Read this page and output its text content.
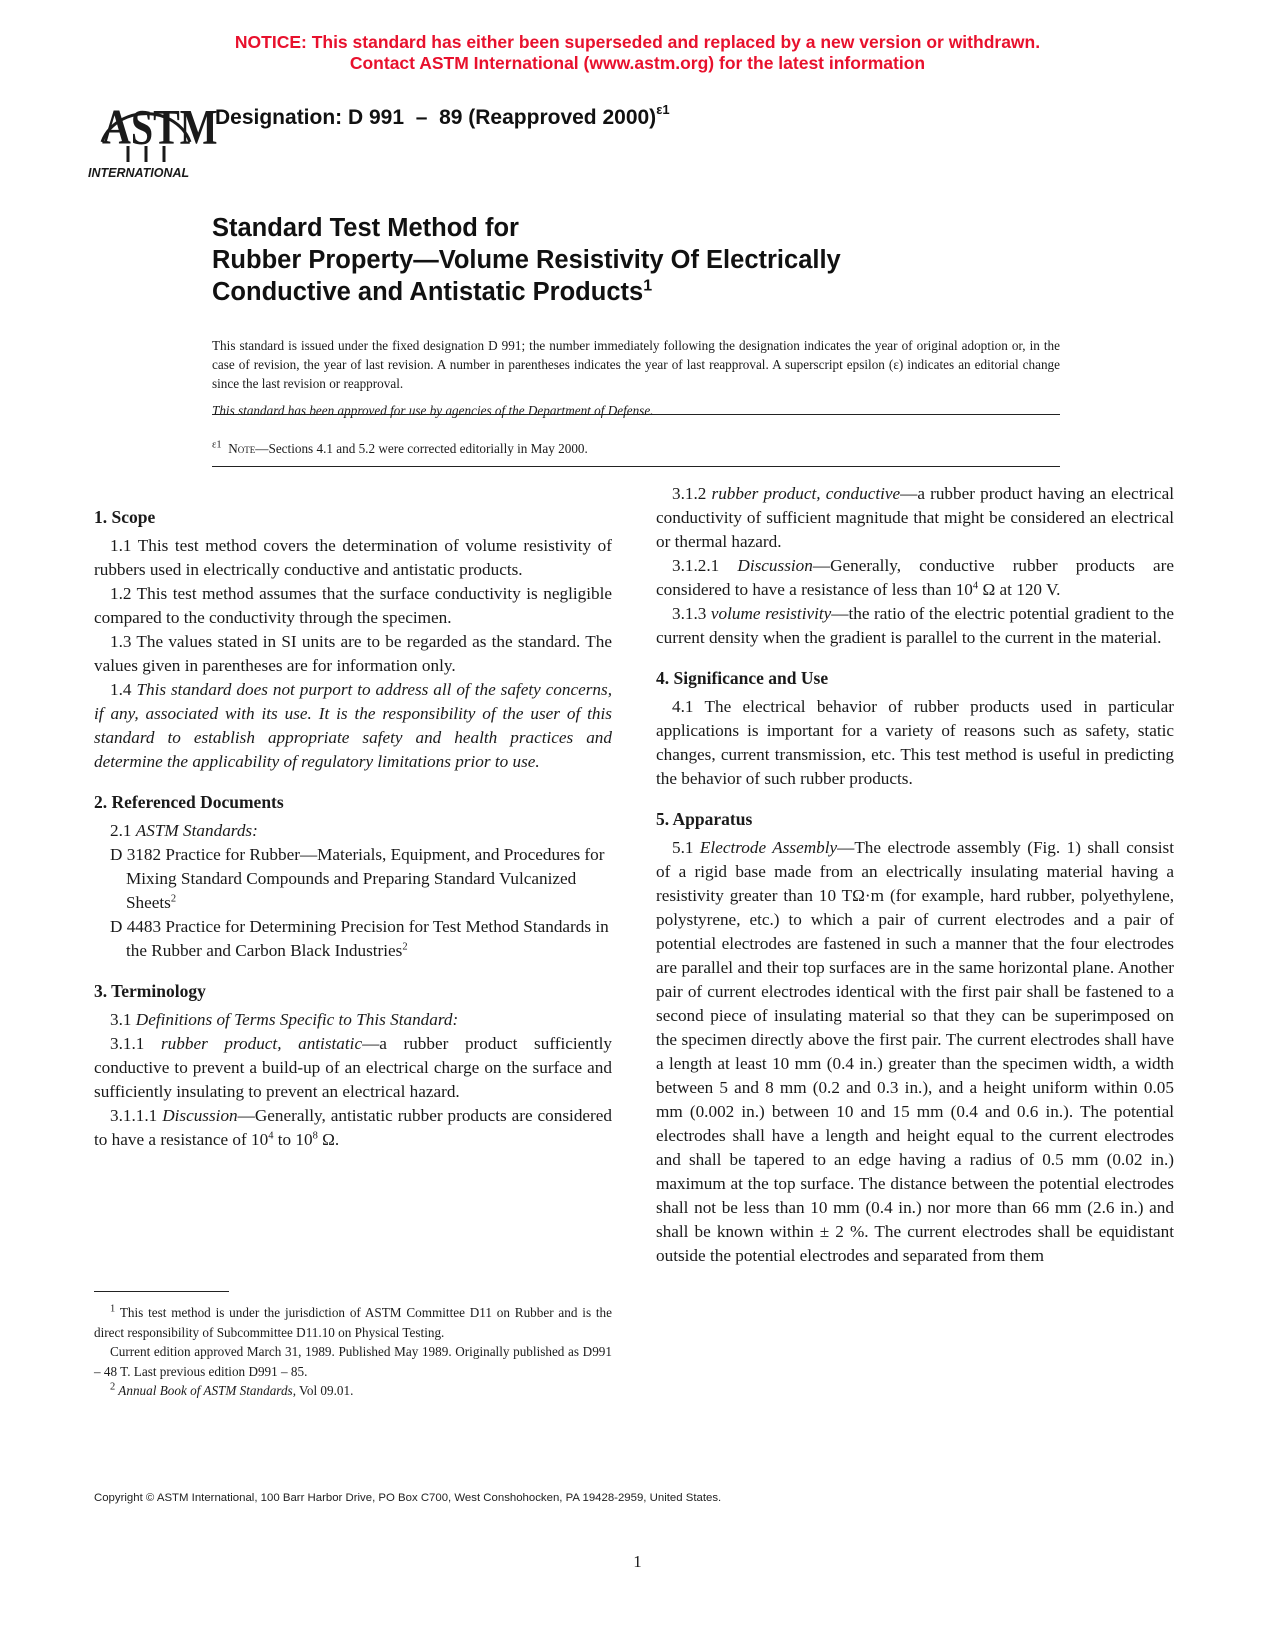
NOTICE: This standard has either been superseded and replaced by a new version or withdrawn.
Contact ASTM International (www.astm.org) for the latest information
ASTM
INTERNATIONAL
Designation: D 991 – 89 (Reapproved 2000)$^{\varepsilon 1}$
Standard Test Method for
Rubber Property—Volume Resistivity Of Electrically
Conductive and Antistatic Products$^1$

This standard is issued under the fixed designation D 991; the number immediately following the designation indicates the year of original adoption or, in the case of revision, the year of last revision. A number in parentheses indicates the year of last reapproval. A superscript epsilon (ε) indicates an editorial change since the last revision or reapproval.

This standard has been approved for use by agencies of the Department of Defense.

$^{\varepsilon 1}$ Note—Sections 4.1 and 5.2 were corrected editorially in May 2000.
1. Scope

1.1 This test method covers the determination of volume resistivity of rubbers used in electrically conductive and antistatic products.

1.2 This test method assumes that the surface conductivity is negligible compared to the conductivity through the specimen.

1.3 The values stated in SI units are to be regarded as the standard. The values given in parentheses are for information only.

1.4 This standard does not purport to address all of the safety concerns, if any, associated with its use. It is the responsibility of the user of this standard to establish appropriate safety and health practices and determine the applicability of regulatory limitations prior to use.

2. Referenced Documents

2.1 ASTM Standards:

D 3182 Practice for Rubber—Materials, Equipment, and Procedures for Mixing Standard Compounds and Preparing Standard Vulcanized Sheets$^2$

D 4483 Practice for Determining Precision for Test Method Standards in the Rubber and Carbon Black Industries$^2$

3. Terminology

3.1 Definitions of Terms Specific to This Standard:

3.1.1 rubber product, antistatic—a rubber product sufficiently conductive to prevent a build-up of an electrical charge on the surface and sufficiently insulating to prevent an electrical hazard.

3.1.1.1 Discussion—Generally, antistatic rubber products are considered to have a resistance of $10^4$ to $10^8$ Ω.

$^1$ This test method is under the jurisdiction of ASTM Committee D11 on Rubber and is the direct responsibility of Subcommittee D11.10 on Physical Testing.

Current edition approved March 31, 1989. Published May 1989. Originally published as D991 – 48 T. Last previous edition D991 – 85.

$^2$ Annual Book of ASTM Standards, Vol 09.01.

3.1.2 rubber product, conductive—a rubber product having an electrical conductivity of sufficient magnitude that might be considered an electrical or thermal hazard.

3.1.2.1 Discussion—Generally, conductive rubber products are considered to have a resistance of less than $10^4$ Ω at 120 V.

3.1.3 volume resistivity—the ratio of the electric potential gradient to the current density when the gradient is parallel to the current in the material.

4. Significance and Use

4.1 The electrical behavior of rubber products used in particular applications is important for a variety of reasons such as safety, static changes, current transmission, etc. This test method is useful in predicting the behavior of such rubber products.

5. Apparatus

5.1 Electrode Assembly—The electrode assembly (Fig. 1) shall consist of a rigid base made from an electrically insulating material having a resistivity greater than 10 TΩ·m (for example, hard rubber, polyethylene, polystyrene, etc.) to which a pair of current electrodes and a pair of potential electrodes are fastened in such a manner that the four electrodes are parallel and their top surfaces are in the same horizontal plane. Another pair of current electrodes identical with the first pair shall be fastened to a second piece of insulating material so that they can be superimposed on the specimen directly above the first pair. The current electrodes shall have a length at least 10 mm (0.4 in.) greater than the specimen width, a width between 5 and 8 mm (0.2 and 0.3 in.), and a height uniform within 0.05 mm (0.002 in.) between 10 and 15 mm (0.4 and 0.6 in.). The potential electrodes shall have a length and height equal to the current electrodes and shall be tapered to an edge having a radius of 0.5 mm (0.02 in.) maximum at the top surface. The distance between the potential electrodes shall not be less than 10 mm (0.4 in.) nor more than 66 mm (2.6 in.) and shall be known within ± 2 %. The current electrodes shall be equidistant outside the potential electrodes and separated from them

Copyright © ASTM International, 100 Barr Harbor Drive, PO Box C700, West Conshohocken, PA 19428-2959, United States.
1
